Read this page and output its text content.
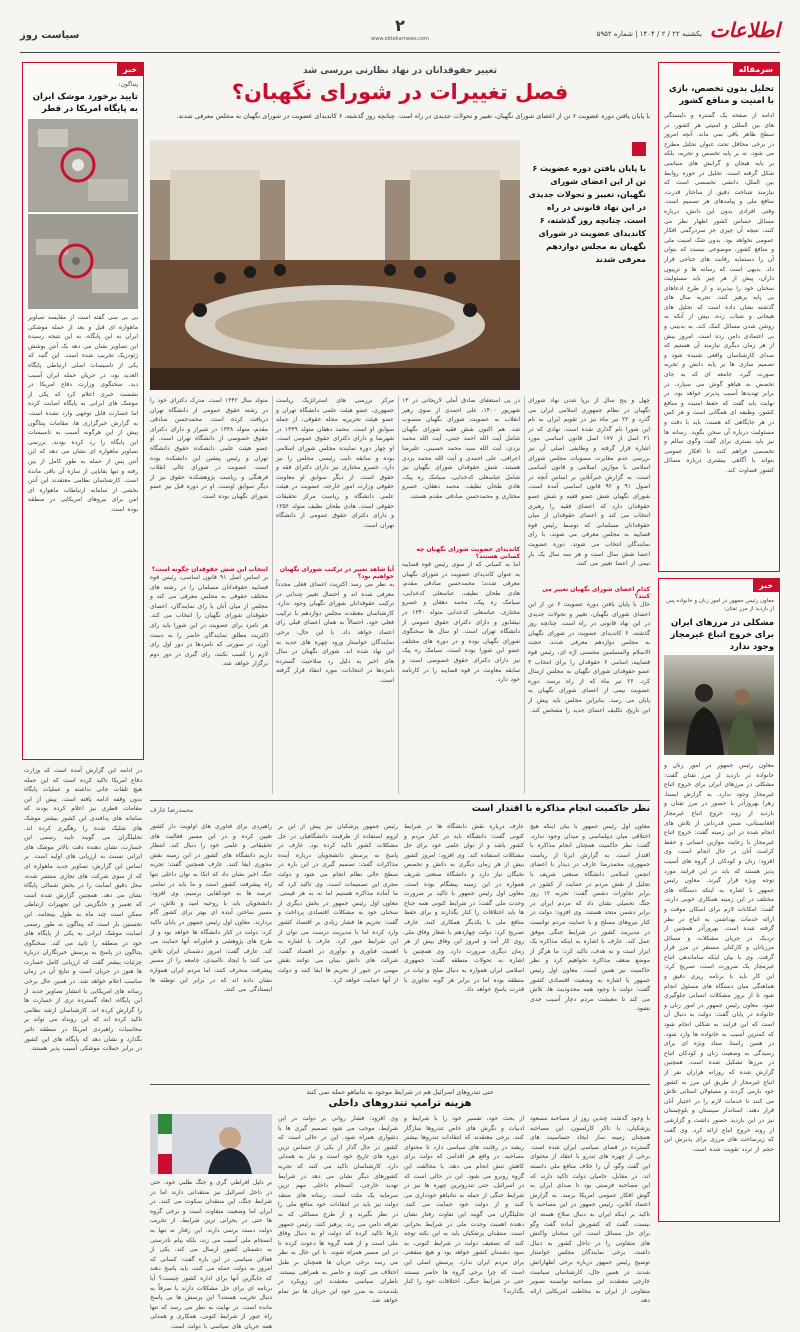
اطلاعات
یکشنبه ۲۲ / ۲ / ۱۴۰۴ | شماره ۵۹۵۲
۲
www.ebtekarnews.com
سیاست روز
سرمقاله
تحلیل بدون تخصص، بازی با امنیت و منافع کشور
ادامه از صفحه یک گستره و دلبستگی های بین المللی و امنیتی هر کشور، در سطح ظاهر باقی نمی ماند. آنچه امروز در برخی محافل تحت عنوان تحلیل مطرح می شود، نه بر پایه تخصص و تجربه، بلکه بر پایه هیجان و گرایش های سیاسی شکل گرفته است. تحلیل در حوزه روابط بین الملل، دانشی تخصصی است که نیازمند شناخت دقیق از ساختار قدرت، منافع ملی و پیامدهای هر تصمیم است. وقتی افرادی بدون این دانش، درباره مسائل حساس کشور اظهار نظر می کنند، نتیجه آن چیزی جز سردرگمی افکار عمومی نخواهد بود. بدون شک امنیت ملی و منافع کشور، موضوعی نیست که بتوان آن را دستمایه رقابت های جناحی قرار داد. بدیهی است که رسانه ها و تریبون داران، پیش از هر چیز باید مسئولیت سخنان خود را بپذیرند و از طرح ادعاهای بی پایه پرهیز کنند. تجربه سال های گذشته نشان داده است که تحلیل های هیجانی و شتاب زده، بیش از آنکه به روشن شدن مسائل کمک کند، به بدبینی و بی اعتمادی دامن زده است. امروز بیش از هر زمان دیگری نیازمند آن هستیم که صدای کارشناسان واقعی شنیده شود و تصمیم سازی ها بر پایه دانش و تجربه صورت گیرد. جامعه ای که به جای تخصص به هیاهو گوش می سپارد، در برابر تهدیدها آسیب پذیرتر خواهد بود. در نهایت باید گفت که حفظ امنیت و منافع کشور، وظیفه ای همگانی است و هر کس در هر جایگاهی که هست، باید با دقت و مسئولیت درباره آن سخن بگوید. رسانه ها نیز باید بستری برای گفت وگوی سالم و تخصصی فراهم کنند تا افکار عمومی بتواند با آگاهی بیشتری درباره مسائل کشور قضاوت کند.
خبر
معاون رئیس جمهور در امور زنان و خانواده پس از بازدید از مرز تفتان:
مشکلی در مرزهای ایران برای خروج اتباع غیرمجاز وجود ندارد
معاون رئیس جمهور در امور زنان و خانواده در بازدید از مرز تفتان گفت: مشکلی در مرزهای ایران برای خروج اتباع غیرمجاز وجود ندارد. به گزارش ایسنا، زهرا بهروزآذر با حضور در مرز تفتان و بازدید از روند خروج اتباع غیرمجاز افغانستانی، ضمن قدردانی از تلاش های انجام شده در این زمینه گفت: خروج اتباع غیرمجاز با رعایت موازین انسانی و حفظ کرامت آنان در حال انجام است. وی افزود: زنان و کودکان از گروه های آسیب پذیر هستند که باید در این فرایند مورد توجه ویژه قرار گیرند. معاون رئیس جمهور با اشاره به اینکه دستگاه های مختلف در این زمینه همکاری خوبی دارند، گفت: امکانات لازم برای اسکان موقت و ارائه خدمات بهداشتی به اتباع در نظر گرفته شده است. بهروزآذر همچنین از نزدیک در جریان مشکلات و مسائل مرزبانان و کارکنان مستقر در مرز قرار گرفت. وی با بیان اینکه ساماندهی اتباع غیرمجاز یک ضرورت است، تصریح کرد: این کار باید با برنامه ریزی دقیق و هماهنگی میان دستگاه های مسئول انجام شود تا از بروز مشکلات انسانی جلوگیری شود. معاون رئیس جمهور در امور زنان و خانواده در پایان گفت: دولت به دنبال آن است که این فرایند به شکلی انجام شود که کمترین آسیب به خانواده ها وارد شود. در همین راستا، ستاد ویژه ای برای رسیدگی به وضعیت زنان و کودکان اتباع در مرزها تشکیل شده است. همچنین گزارش شده که روزانه هزاران نفر از اتباع غیرمجاز از طریق این مرز به کشور خود بازمی گردند و مسئولان استانی تلاش می کنند تا خدمات لازم را در اختیار آنان قرار دهند. استاندار سیستان و بلوچستان نیز در این بازدید حضور داشت و گزارشی از روند خروج اتباع ارائه کرد. وی گفت که زیرساخت های مرزی برای پذیرش این حجم از تردد تقویت شده است.
خبر
پنتاگون:
تایید برخورد موشک ایران به پایگاه امریکا در قطر
بی بی سی گفته است از مقایسه تصاویر ماهواره ای قبل و بعد از حمله موشکی ایران به این پایگاه، به این نتیجه رسیده این تصاویر نشان می دهد یک آنتن پوشش ژئودزیک تخریب شده است. این گنبد که یکی از تاسیسات اصلی ارتباطی پایگاه العدید بود، در جریان حمله ایران آسیب دید. سخنگوی وزارت دفاع امریکا در نشست خبری اعلام کرد که یکی از موشک های ایرانی به پایگاه اصابت کرده اما خسارت قابل توجهی وارد نشده است. به گزارش خبرگزاری ها، مقامات پنتاگون پیش از این هرگونه آسیب به تاسیسات این پایگاه را رد کرده بودند. بررسی تصاویر ماهواره ای نشان می دهد که این آنتن پس از حمله به طور کامل از بین رفته و تنها بقایایی از سازه آن باقی مانده است. کارشناسان نظامی معتقدند این آنتن بخشی از سامانه ارتباطات ماهواره ای امن برای نیروهای امریکایی در منطقه بوده است.
در ادامه این گزارش آمده است که وزارت دفاع امریکا تاکید کرده است که این حمله هیچ تلفات جانی نداشته و عملیات پایگاه بدون وقفه ادامه یافته است. پیش از این مقامات قطری نیز اعلام کرده بودند که سامانه های پدافندی این کشور بیشتر موشک های شلیک شده را رهگیری کرده اند. تحلیلگران می گویند تایید رسمی این خسارت، نشان دهنده دقت بالاتر موشک های ایرانی نسبت به ارزیابی های اولیه است. بر اساس این گزارش، تصاویر جدید ماهواره ای که از سوی شرکت های تجاری منتشر شده، محل دقیق اصابت را در بخش شمالی پایگاه نشان می دهد. همچنین گزارش شده است که تعمیر و جایگزینی این تجهیزات ارتباطی ممکن است چند ماه به طول بینجامد. این نخستین بار است که پنتاگون به طور رسمی اصابت موشک ایرانی به یکی از پایگاه های خود در منطقه را تایید می کند. سخنگوی پنتاگون در پاسخ به پرسش خبرنگاران درباره جزئیات بیشتر گفت که ارزیابی کامل خسارت ها هنوز در جریان است و نتایج آن در زمان مناسب اعلام خواهد شد. در همین حال برخی رسانه های امریکایی با انتشار تصاویر جدید از این پایگاه، ابعاد گسترده تری از خسارت ها را گزارش کرده اند. کارشناسان ارشد نظامی تاکید کرده اند که این رویداد می تواند بر محاسبات راهبردی امریکا در منطقه تاثیر بگذارد و نشان دهد که پایگاه های این کشور در برابر حملات موشکی آسیب پذیر هستند.
تغییر حقوقدانان در نهاد نظارتی بررسی شد
فصل تغییرات در شورای نگهبان؟
با پایان یافتن دوره عضویت ۶ تن از اعضای شورای نگهبان، تغییر و تحولات جدیدی در راه است. چنانچه روز گذشته، ۶ کاندیدای عضویت در شورای نگهبان به مجلس معرفی شدند.
با پایان یافتن دوره عضویت ۶ تن از این اعضای شورای نگهبان، تغییر و تحولات جدیدی در این نهاد قانونی در راه است. چنانچه روز گذشته، ۶ کاندیدای عضویت در شورای نگهبان به مجلس دوازدهم معرفی شدند
چهل و پنج سال از برپا شدن نهاد شورای نگهبان در نظام جمهوری اسلامی ایران می گذرد و ۲۲ تیر ماه نیز در تقویم ایران به نام این شورا نام گذاری شده است. نهادی که در ۲۱ اصل از ۱۷۷ اصل قانون اساسی مورد اشاره قرار گرفته و وظایفی اصلی آن نیز بررسی عدم مغایرت مصوبات مجلس شورای اسلامی با موازین اسلامی و قانون اساسی است. به گزارش خبرآنلاین بر اساس آنچه در اصول ۹۱ و ۹۲ قانون اساسی آمده است، شورای نگهبان شش عضو فقیه و شش عضو حقوقدان دارد که اعضای فقیه را رهبری انتخاب می کند و اعضای حقوقدان از میان حقوقدانان مسلمانی که توسط رئیس قوه قضاییه به مجلس معرفی می شوند، با رای نمایندگان انتخاب می شوند. دوره عضویت اعضا شش سال است و هر سه سال یک بار نیمی از اعضا تغییر می کنند.
کدام اعضای شورای نگهبان تغییر می کنند؟
حال با پایان یافتن دوره عضویت ۶ تن از این اعضای شورای نگهبان، تغییر و تحولات جدیدی در این نهاد قانونی در راه است. چنانچه روز گذشته، ۶ کاندیدای عضویت در شورای نگهبان به مجلس دوازدهم معرفی شدند. حجت الاسلام والمسلمین محسنی اژه ای، رئیس قوه قضاییه، اسامی ۶ حقوقدان را برای انتخاب ۳ عضو حقوقدان شورای نگهبان به مجلس ارسال کرد. ۲۶ تیر ماه که از راه برسد، دوره عضویت نیمی از اعضای شورای نگهبان به پایان می رسد. بنابراین مجلس باید پیش از این تاریخ، تکلیف اعضای جدید را مشخص کند.
در پی استعفای صادق آملی لاریجانی در ۱۳ شهریور ۱۴۰۰، علی احمدی از سوی رهبر انقلاب به عضویت شورای نگهبان منصوب شد. هم اکنون شش فقیه شورای نگهبان شامل آیت الله احمد جنتی، آیت الله محمد یزدی، آیت الله سید محمد حسینی، علیرضا اعرافی، علی احمدی و آیت الله محمد یزدی هستند. شش حقوقدان شورای نگهبان نیز شامل عباسعلی کدخدایی، سیامک ره پیک، هادی طحان نظیف، محمد دهقان، خسرو مختاری و محمدحسن صادقی مقدم هستند.
کاندیدای عضویت شورای نگهبان چه کسانی هستند؟
اما به کسانی که از سوی رئیس قوه قضاییه به عنوان کاندیدای عضویت در شورای نگهبان معرفی شدند؛ محمدحسن صادقی مقدم، هادی طحان نظیف، عباسعلی کدخدایی، سیامک ره پیک، محمد دهقان و خسرو مختاری. عباسعلی کدخدایی متولد ۱۳۴۰ در نیشابور و دارای دکترای حقوق عمومی از دانشگاه تهران است. او سال ها سخنگوی شورای نگهبان بوده و در دوره های مختلف عضو این شورا بوده است. سیامک ره پیک نیز دارای دکترای حقوق خصوصی است و سابقه معاونت در قوه قضاییه را در کارنامه خود دارد.
مرکز بررسی های استراتژیک ریاست جمهوری، عضو هیئت علمی دانشگاه تهران و عضو هیئت تحریریه مجله حقوقی، از جمله سوابق او است. محمد دهقان متولد ۱۳۳۹ در شهرضا و دارای دکترای حقوق عمومی است. او چهار دوره نماینده مجلس شورای اسلامی بوده و سابقه نایب رئیسی مجلس را نیز دارد. خسرو مختاری نیز دارای دکترای فقه و حقوق است. از دیگر سوابق او معاونت حقوقی وزارت امور خارجه، عضویت در هیئت علمی دانشگاه و ریاست مرکز تحقیقات حقوقی است. هادی طحان نظیف متولد ۱۳۵۶ و دارای دکترای حقوق عمومی از دانشگاه تهران است.
آیا شاهد تغییر در ترکیب شورای نگهبان خواهیم بود؟
به نظر می رسد اکثریت اعضای فعلی مجدداً معرفی شده اند و احتمال تغییر چندانی در ترکیب حقوقدانان شورای نگهبان وجود ندارد. کارشناسان معتقدند مجلس دوازدهم با ترکیب فعلی خود، احتمالاً به همان اعضای قبلی رای اعتماد خواهد داد. با این حال، برخی نمایندگان خواستار ورود چهره های جدید به این نهاد شده اند. شورای نگهبان در سال های اخیر به دلیل رد صلاحیت گسترده نامزدها در انتخابات، مورد انتقاد قرار گرفته است.
متولد سال ۱۳۴۲ است. مدرک دکترای خود را در رشته حقوق عمومی از دانشگاه تهران دریافت کرده است. محمدحسن صادقی مقدم، متولد ۱۳۳۸ در شیراز و دارای دکترای حقوق خصوصی از دانشگاه تهران است. او عضو هیئت علمی دانشکده حقوق دانشگاه تهران و رئیس پیشین این دانشکده بوده است. عضویت در شورای عالی انقلاب فرهنگی و ریاست پژوهشکده حقوق نیز از دیگر سوابق اوست. او در دوره قبل نیز عضو شورای نگهبان بوده است.
انتخاب این شش حقوقدان چگونه است؟
بر اساس اصل ۹۱ قانون اساسی، رئیس قوه قضاییه حقوقدانان مسلمان را در رشته های مختلف حقوقی به مجلس معرفی می کند و مجلس از میان آنان با رای نمایندگان، اعضای حقوقدان شورای نگهبان را انتخاب می کند. هر نامزد برای عضویت در این شورا باید رای اکثریت مطلق نمایندگان حاضر را به دست آورد. در صورتی که نامزدها در دور اول رای لازم را کسب نکنند، رای گیری در دور دوم برگزار خواهد شد.
نظر حاکمیت انجام مذاکره با اقتدار است
محمدرضا عارف
معاون اول رئیس جمهور با بیان اینکه هیچ اختلافی میان دیپلماسی و میدان وجود ندارد، گفت: نظر حاکمیت همچنان انجام مذاکره با اقتدار است. به گزارش ایرنا از ریاست جمهوری، محمدرضا عارف در دیدار با اعضای انجمن اسلامی دانشگاه صنعتی شریف با تجلیل از نقش مردم در حمایت از کشور در برابر تجاوزات دشمن گفت: تجربه ۱۲ روز جنگ تحمیلی نشان داد که مردم ایران در برابر دشمن متحد هستند. وی افزود: دولت در کنار نیروهای مسلح و با حمایت مردم توانست در مدیریت کشور در شرایط جنگی موفق عمل کند. عارف با اشاره به اینکه مذاکره یک ابزار است و نه هدف، تاکید کرد: ما هرگز از موضع ضعف مذاکره نخواهیم کرد و نظر حاکمیت نیز همین است. معاون اول رئیس جمهور با اشاره به وضعیت اقتصادی کشور گفت: دولت با وجود همه محدودیت ها، تلاش می کند تا معیشت مردم دچار آسیب جدی نشود.
عارف درباره نقش دانشگاه ها در شرایط کنونی گفت: دانشگاه باید در کنار مردم و کشور باشد و از توان علمی خود برای حل مشکلات استفاده کند. وی افزود: امروز کشور بیش از هر زمان دیگری به دانش و تخصص نخبگان نیاز دارد و دانشگاه صنعتی شریف همواره در این زمینه پیشگام بوده است. معاون اول رئیس جمهور با تاکید بر ضرورت وحدت ملی گفت: در شرایط کنونی همه جناح ها باید اختلافات را کنار بگذارند و برای حفظ منافع ملی با یکدیگر همکاری کنند. عارف تصریح کرد: دولت چهاردهم با شعار وفاق ملی روی کار آمد و امروز این وفاق بیش از هر زمان دیگری ضرورت دارد. وی همچنین با اشاره به تحولات منطقه گفت: جمهوری اسلامی ایران همواره به دنبال صلح و ثبات در منطقه بوده اما در برابر هر گونه تجاوزی با قدرت پاسخ خواهد داد.
رئیس جمهور پزشکیان نیز پیش از این بر لزوم استفاده از ظرفیت دانشگاهیان در حل مشکلات کشور تاکید کرده بود. عارف در پاسخ به پرسش دانشجویان درباره آینده مذاکرات گفت: تصمیم گیری در این باره در سطح عالی نظام انجام می شود و دولت مجری این تصمیمات است. وی تاکید کرد که ما آماده مذاکره هستیم اما نه به هر قیمتی. معاون اول رئیس جمهور در بخش دیگری از سخنان خود به مشکلات اقتصادی پرداخت و گفت: تحریم ها فشار زیادی بر اقتصاد کشور وارد کرده اما با مدیریت درست می توان از این شرایط عبور کرد. عارف با اشاره به اهمیت فناوری و نوآوری در اقتصاد گفت: شرکت های دانش بنیان می توانند نقش مهمی در عبور از تحریم ها ایفا کنند و دولت از آنها حمایت خواهد کرد.
راهبردی برای فناوری های اولویت دار کشور تعیین کرده و در این مسیر فعالیت های تحقیقاتی و علمی خود را دنبال کند. انتظار داریم دانشگاه های کشور در این زمینه نقش محوری ایفا کنند. عارف همچنین گفت: تجربه جنگ اخیر نشان داد که اتکا به توان داخلی تنها راه پیشرفت کشور است و ما باید در تمامی عرصه ها به خودکفایی برسیم. وی افزود: دانشجویان باید با روحیه امید و تلاش، در مسیر ساختن آینده ای بهتر برای کشور گام بردارند. معاون اول رئیس جمهور در پایان تاکید کرد: دولت در کنار دانشگاه ها خواهد بود و از طرح های پژوهشی و فناورانه آنها حمایت می کند. عارف گفت: امروز دشمنان ایران تلاش می کنند با ایجاد ناامیدی، جامعه را از مسیر پیشرفت منحرف کنند، اما مردم ایران همواره نشان داده اند که در برابر این توطئه ها ایستادگی می کنند.
حتی تندروهای اسرائیل هم در شرایط موجود به نتانیاهو حمله نمی کنند
هزینه ترامپ تندروهای داخلی
با وجود گذشت چندین روز از مصاحبه مسعود پزشکیان، با تاکر کارلسون، این مصاحبه همچنان زمینه ساز ایجاد حساسیت های گسترده در فضای سیاسی ایران شده است. برخی از چهره های تندرو با انتقاد از محتوای این گفت وگو، آن را خلاف منافع ملی دانسته اند. در مقابل، حامیان دولت تاکید دارند که این مصاحبه فرصتی بود تا صدای ایران به گوش افکار عمومی امریکا برسد. به گزارش اعتماد آنلاین، رئیس جمهور در این مصاحبه با تاکید بر اینکه ایران به دنبال سلاح هسته ای نیست، گفت که کشورش آماده گفت وگو برای حل مسائل است. این سخنان واکنش های متفاوتی را در داخل کشور به دنبال داشت. برخی نمایندگان مجلس خواستار توضیح رئیس جمهور درباره برخی اظهاراتش شدند. در همین حال، کارشناسان سیاست خارجی معتقدند این مصاحبه توانسته تصویر متفاوتی از ایران به مخاطب امریکایی ارائه دهد.
از بحث خود، تفسیر خود را با شرایط و ادبیات و نگرش های خاص تندروها سازگار کنند. برخی معتقدند که انتقادات تندروها بیشتر ریشه در رقابت های سیاسی دارد تا محتوای مصاحبه. در واقع هر اقدامی که دولت برای کاهش تنش انجام می دهد، با مخالفت این گروه روبرو می شود. این در حالی است که در اسرائیل، حتی تندروترین چهره ها نیز در شرایط جنگی از حمله به نتانیاهو خودداری می کنند و از دولت خود حمایت می کنند. تحلیلگران می گویند این تفاوت رفتار نشان دهنده اهمیت وحدت ملی در شرایط بحرانی است. منتقدان پزشکیان باید به این نکته توجه کنند که تضعیف دولت در شرایط کنونی، به سود دشمنان کشور خواهد بود و هیچ منفعتی برای مردم ایران ندارد. پرسش اصلی این است که چرا برخی گروه ها حاضر نیستند حتی در شرایط جنگی، اختلافات خود را کنار بگذارند؟
وی افزود: فشار روانی بر دولت در این شرایط، موجب می شود تصمیم گیری ها با دشواری همراه شود. این در حالی است که کشور در حال گذار از یکی از حساس ترین دوره های تاریخ خود است و نیاز به همدلی دارد. کارشناسان تاکید می کنند که تجربه کشورهای دیگر نشان می دهد در شرایط تهدید خارجی، انسجام داخلی مهم ترین سرمایه یک ملت است. رسانه های منتقد دولت نیز باید در انتقادات خود منافع ملی را در نظر بگیرند و از طرح مسائلی که به تفرقه دامن می زند، پرهیز کنند. رئیس جمهور بارها تاکید کرده که دولت او به دنبال وفاق ملی است و از همه گروه ها دعوت کرده تا در این مسیر همراه شوند. با این حال به نظر می رسد برخی جریان ها همچنان بر طبل اختلاف می کوبند و حاضر به همراهی نیستند. ناظران سیاسی معتقدند این رویکرد در بلندمدت به ضرر خود این جریان ها نیز تمام خواهد شد.
بر دلیل افراطی گری و جنگ طلبی خود، حتی در داخل اسرائیل نیز منتقدانی دارند اما در شرایط جنگ، این منتقدان سکوت می کنند. در ایران اما وضعیت متفاوت است و برخی گروه ها حتی در بحرانی ترین شرایط، از تخریب دولت دست برنمی دارند. این رفتار نه تنها به انسجام ملی آسیب می زند، بلکه پیام نادرستی به دشمنان کشور ارسال می کند. یکی از فعالان سیاسی در این باره گفت: کسانی که امروز به دولت حمله می کنند، باید پاسخ دهند که جایگزین آنها برای اداره کشور چیست؟ آیا برنامه ای برای حل مشکلات دارند یا صرفاً به دنبال تخریب هستند؟ این پرسش ها بی پاسخ مانده است. در نهایت به نظر می رسد که تنها راه عبور از شرایط کنونی، همکاری و همدلی همه جریان های سیاسی با دولت است.
